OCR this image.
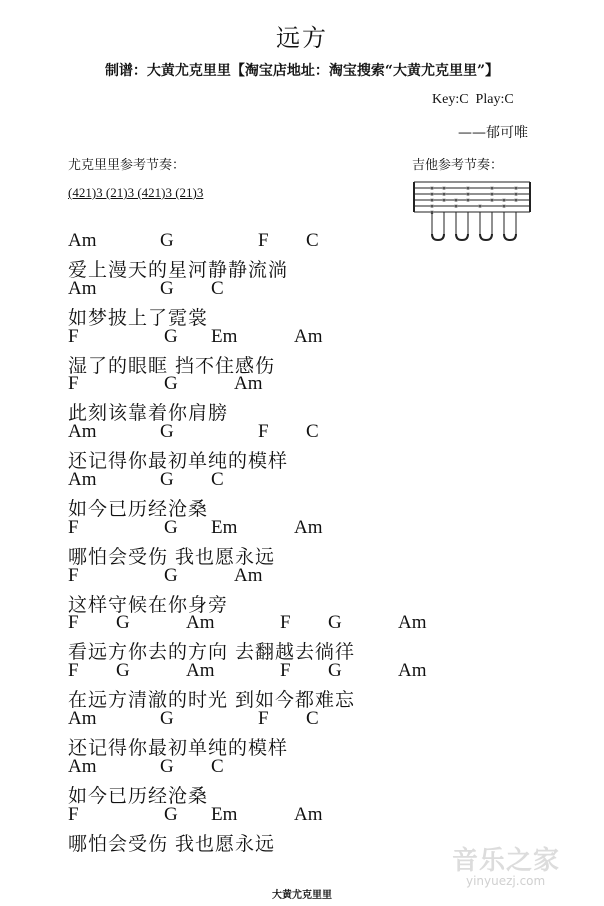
远方
制谱：大黄尤克里里【淘宝店地址：淘宝搜索“大黄尤克里里”】
Key:C  Play:C
——郁可唯
尤克里里参考节奏：	吉他参考节奏：
(421)3 (21)3 (421)3 (21)3	x
x
x
x
x
x
x
x x
x
x
x
x
x
x
x
x x
x
x
x
x
Am	G	F C
爱上漫天的星河静静流淌
Am	G C
如梦披上了霓裳
F	G Em	Am
湿了的眼眶 挡不住感伤
F	G	Am
此刻该靠着你肩膀
Am	G	F C
还记得你最初单纯的模样
Am	G C
如今已历经沧桑
F	G Em	Am
哪怕会受伤 我也愿永远
F	G	Am
这样守候在你身旁
F G	Am	F G	Am
看远方你去的方向 去翻越去徜徉
F G	Am	F G	Am
在远方清澈的时光 到如今都难忘
Am	G	F C
还记得你最初单纯的模样
Am	G C
如今已历经沧桑
F	G Em	Am
哪怕会受伤 我也愿永远
音乐之家
yinyuezj.com
大黄尤克里里
